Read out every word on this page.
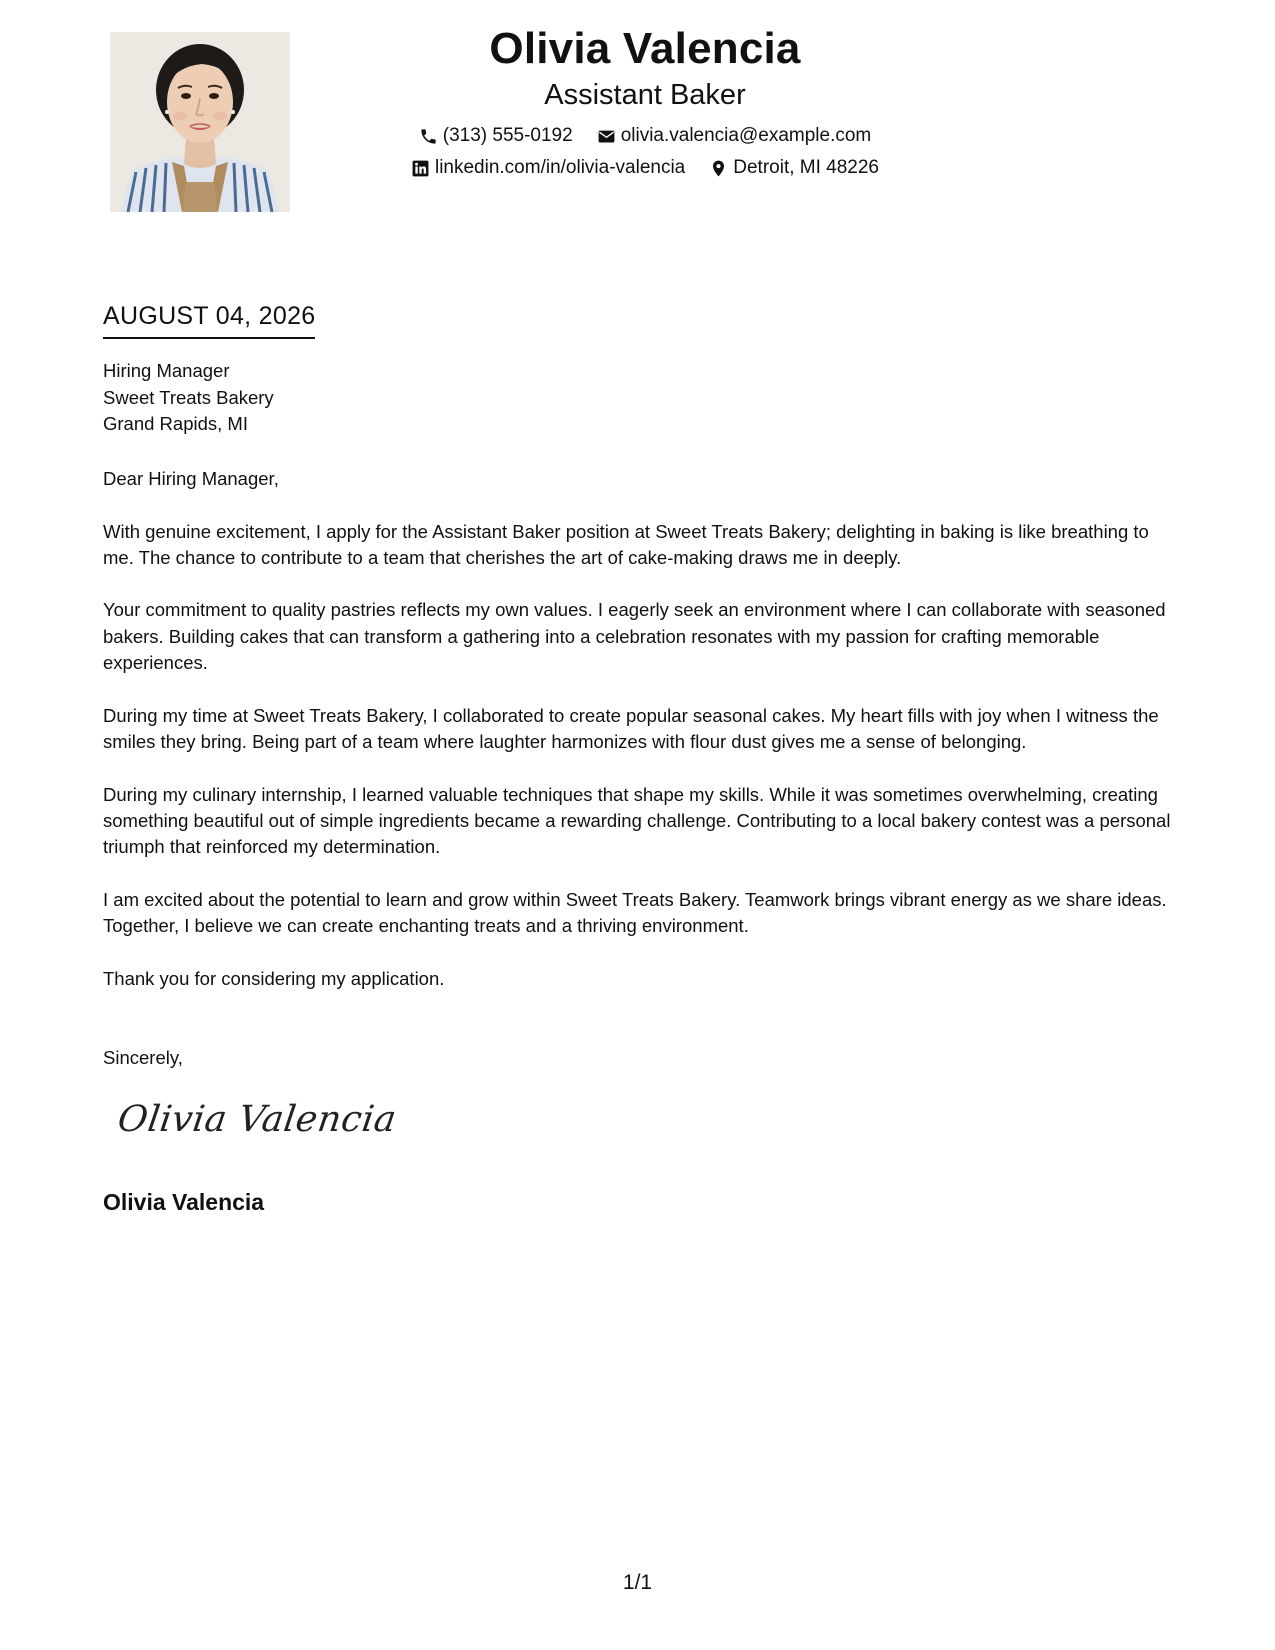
Olivia Valencia
Assistant Baker
(313) 555-0192	olivia.valencia@example.com
linkedin.com/in/olivia-valencia	Detroit, MI 48226
AUGUST 04, 2026
Hiring Manager
Sweet Treats Bakery
Grand Rapids, MI

Dear Hiring Manager,

With genuine excitement, I apply for the Assistant Baker position at Sweet Treats Bakery; delighting in baking is like breathing to me. The chance to contribute to a team that cherishes the art of cake-making draws me in deeply.

Your commitment to quality pastries reflects my own values. I eagerly seek an environment where I can collaborate with seasoned bakers. Building cakes that can transform a gathering into a celebration resonates with my passion for crafting memorable experiences.

During my time at Sweet Treats Bakery, I collaborated to create popular seasonal cakes. My heart fills with joy when I witness the smiles they bring. Being part of a team where laughter harmonizes with flour dust gives me a sense of belonging.

During my culinary internship, I learned valuable techniques that shape my skills. While it was sometimes overwhelming, creating something beautiful out of simple ingredients became a rewarding challenge. Contributing to a local bakery contest was a personal triumph that reinforced my determination.

I am excited about the potential to learn and grow within Sweet Treats Bakery. Teamwork brings vibrant energy as we share ideas. Together, I believe we can create enchanting treats and a thriving environment.

Thank you for considering my application.

Sincerely,
Olivia Valencia
Olivia Valencia
1/1
